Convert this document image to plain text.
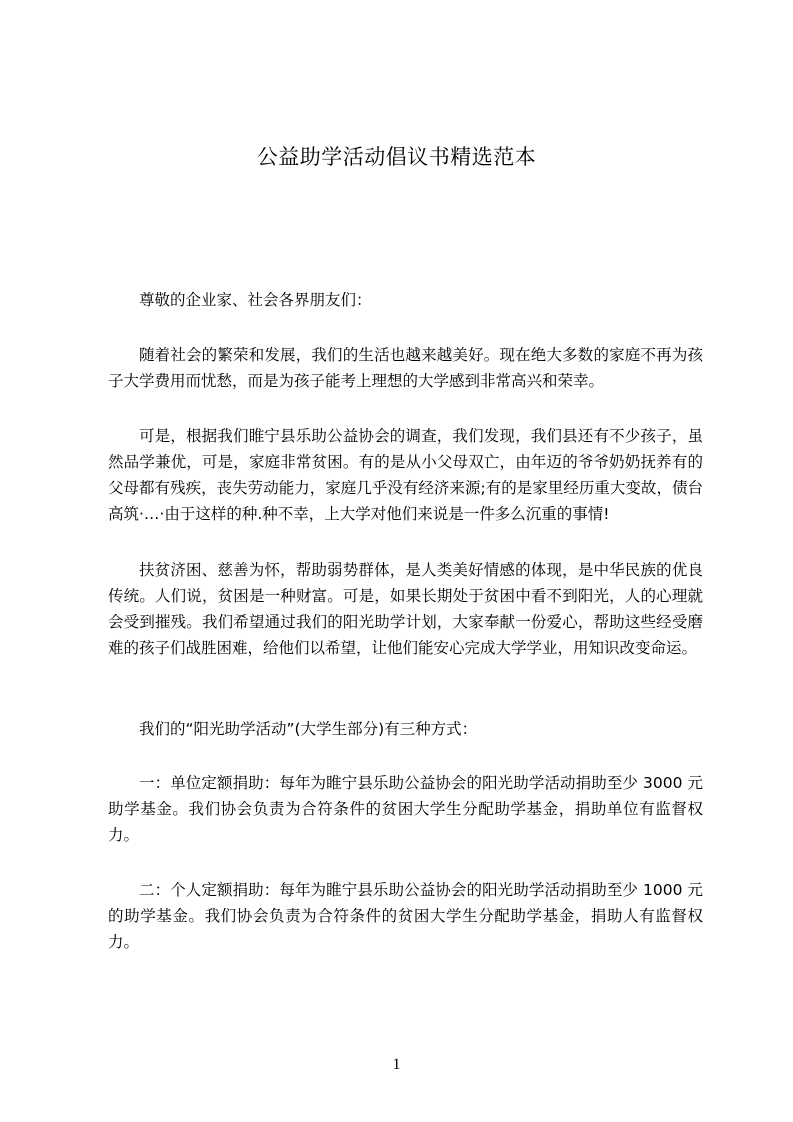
公益助学活动倡议书精选范本

尊敬的企业家、社会各界朋友们：

随着社会的繁荣和发展，我们的生活也越来越美好。现在绝大多数的家庭不再为孩子大学费用而忧愁，而是为孩子能考上理想的大学感到非常高兴和荣幸。

可是，根据我们睢宁县乐助公益协会的调查，我们发现，我们县还有不少孩子，虽然品学兼优，可是，家庭非常贫困。有的是从小父母双亡，由年迈的爷爷奶奶抚养有的父母都有残疾，丧失劳动能力，家庭几乎没有经济来源;有的是家里经历重大变故，债台高筑·…·由于这样的种.种不幸，上大学对他们来说是一件多么沉重的事情!

扶贫济困、慈善为怀，帮助弱势群体，是人类美好情感的体现，是中华民族的优良传统。人们说，贫困是一种财富。可是，如果长期处于贫困中看不到阳光，人的心理就会受到摧残。我们希望通过我们的阳光助学计划，大家奉献一份爱心，帮助这些经受磨难的孩子们战胜困难，给他们以希望，让他们能安心完成大学学业，用知识改变命运。

我们的“阳光助学活动”(大学生部分)有三种方式：

一：单位定额捐助：每年为睢宁县乐助公益协会的阳光助学活动捐助至少 3000 元助学基金。我们协会负责为合符条件的贫困大学生分配助学基金，捐助单位有监督权力。

二：个人定额捐助：每年为睢宁县乐助公益协会的阳光助学活动捐助至少 1000 元的助学基金。我们协会负责为合符条件的贫困大学生分配助学基金，捐助人有监督权力。

1
